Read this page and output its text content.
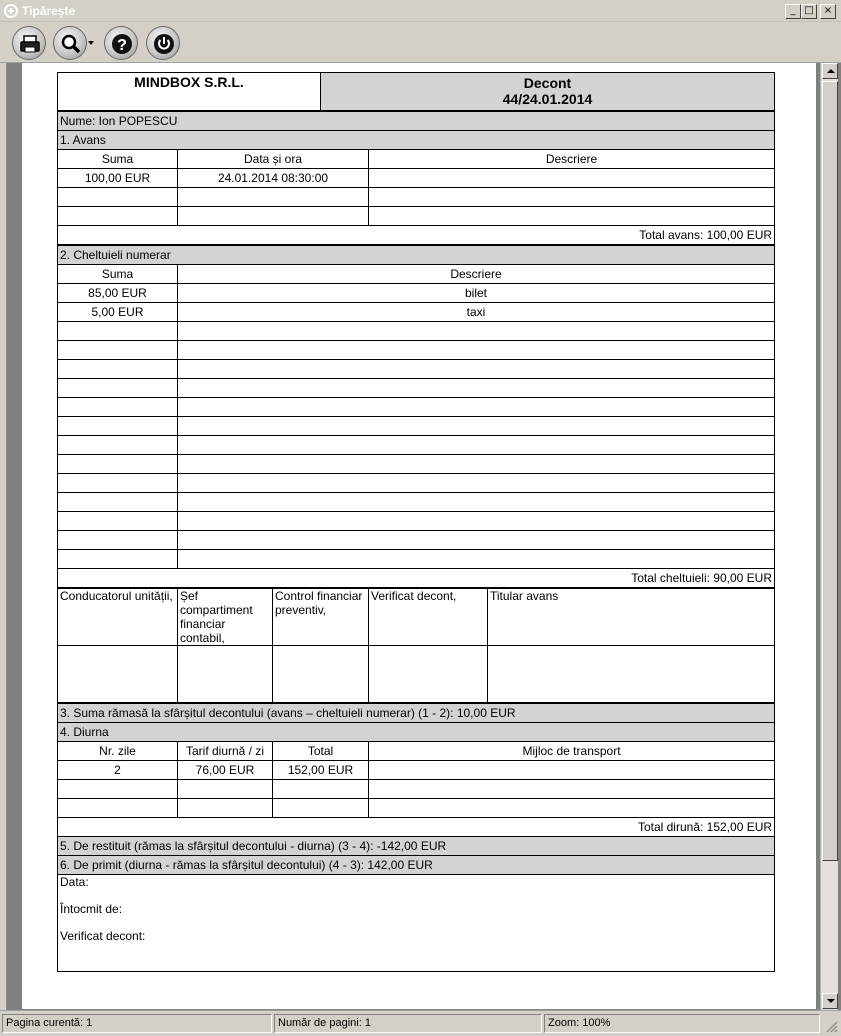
Tipărește	_ □	×
?
MINDBOX S.R.L.	Decont
44/24.01.2014
Nume: Ion POPESCU		
1. Avans		
Suma	Data și ora	Descriere
100,00 EUR	24.01.2014 08:30:00	

Total avans: 100,00 EUR		
2. Cheltuieli numerar	
Suma	Descriere
85,00 EUR	bilet
5,00 EUR	taxi

Total cheltuieli: 90,00 EUR	
Conducatorul unității,	Șef compartiment financiar contabil,	Control financiar preventiv,	Verificat decont,	Titular avans

3. Suma rămasă la sfârșitul decontului (avans – cheltuieli numerar) (1 - 2): 10,00 EUR			
4. Diurna			
Nr. zile	Tarif diurnă / zi	Total	Mijloc de transport
2	76,00 EUR	152,00 EUR	

Total dirună: 152,00 EUR			
5. De restituit (rămas la sfârșitul decontului - diurna) (3 - 4): -142,00 EUR			
6. De primit (diurna - rămas la sfârșitul decontului) (4 - 3): 142,00 EUR			

Data:
Întocmit de:
Verificat decont:			
Pagina curentă: 1	Număr de pagini: 1	Zoom: 100%
